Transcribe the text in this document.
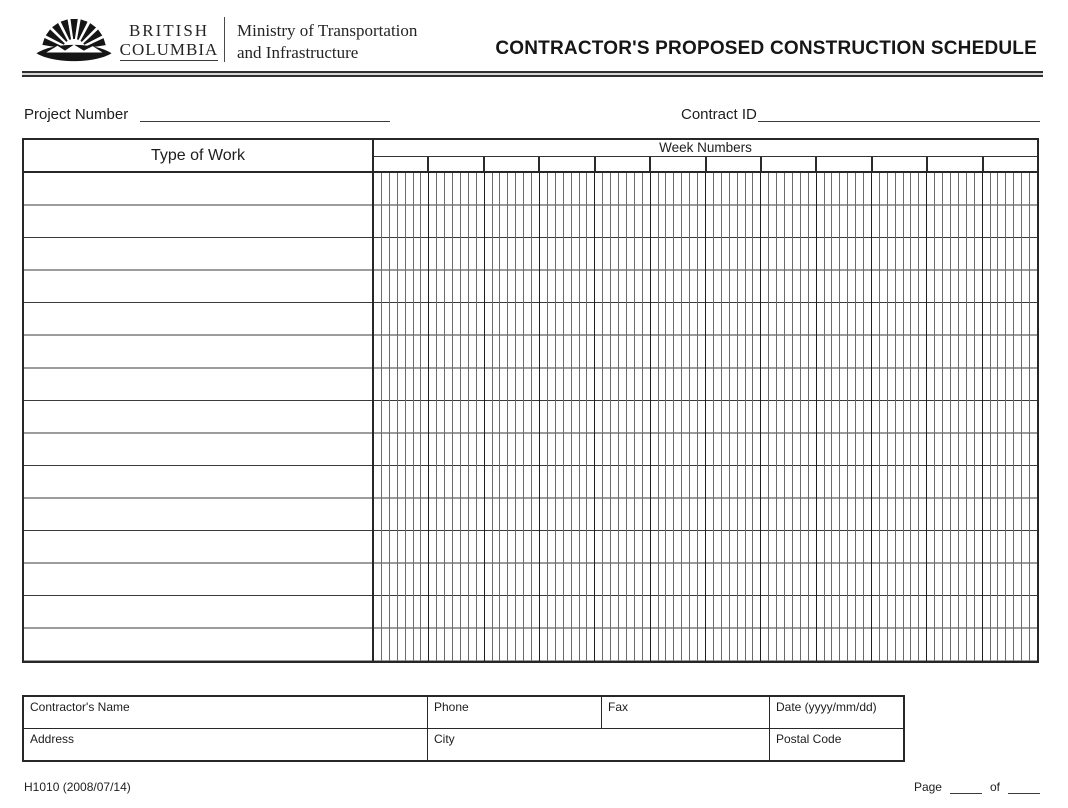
BRITISH
COLUMBIA
Ministry of Transportation
and Infrastructure	CONTRACTOR'S PROPOSED CONSTRUCTION SCHEDULE
Project Number	Contract ID
Type of Work	Week Numbers
Contractor's Name	Phone	Fax	Date (yyyy/mm/dd)
Address	City	Postal Code
H1010 (2008/07/14)	Page	of
